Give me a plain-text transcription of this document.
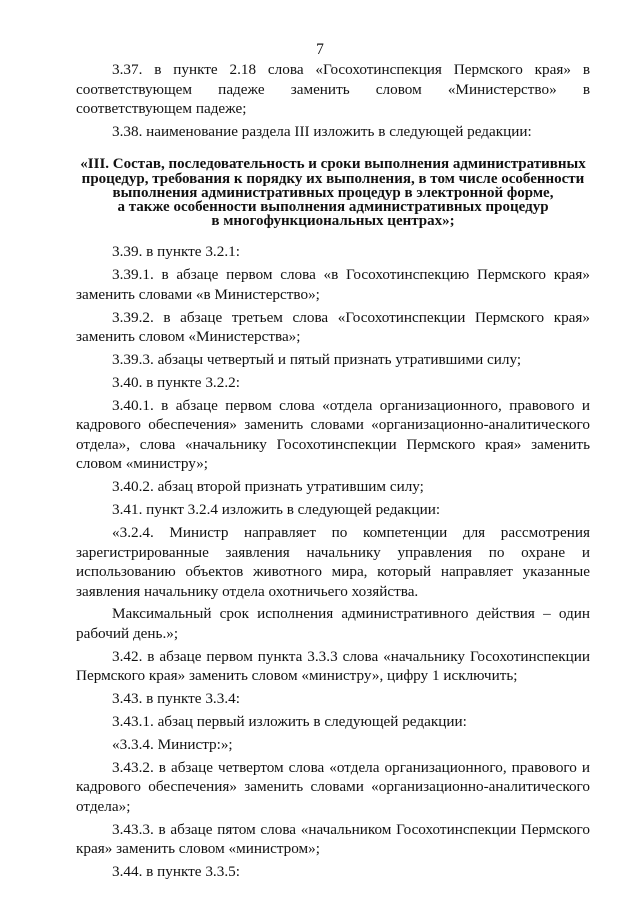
7

3.37. в пункте 2.18 слова «Госохотинспекция Пермского края» в соответствующем падеже заменить словом «Министерство» в соответствующем падеже;

3.38. наименование раздела III изложить в следующей редакции:

«III. Состав, последовательность и сроки выполнения административных
процедур, требования к порядку их выполнения, в том числе особенности
выполнения административных процедур в электронной форме,
а также особенности выполнения административных процедур
в многофункциональных центрах»;

3.39. в пункте 3.2.1:

3.39.1. в абзаце первом слова «в Госохотинспекцию Пермского края» заменить словами «в Министерство»;

3.39.2. в абзаце третьем слова «Госохотинспекции Пермского края» заменить словом «Министерства»;

3.39.3. абзацы четвертый и пятый признать утратившими силу;

3.40. в пункте 3.2.2:

3.40.1. в абзаце первом слова «отдела организационного, правового и кадрового обеспечения» заменить словами «организационно-аналитического отдела», слова «начальнику Госохотинспекции Пермского края» заменить словом «министру»;

3.40.2. абзац второй признать утратившим силу;

3.41. пункт 3.2.4 изложить в следующей редакции:

«3.2.4. Министр направляет по компетенции для рассмотрения зарегистрированные заявления начальнику управления по охране и использованию объектов животного мира, который направляет указанные заявления начальнику отдела охотничьего хозяйства.

Максимальный срок исполнения административного действия – один рабочий день.»;

3.42. в абзаце первом пункта 3.3.3 слова «начальнику Госохотинспекции Пермского края» заменить словом «министру», цифру 1 исключить;

3.43. в пункте 3.3.4:

3.43.1. абзац первый изложить в следующей редакции:

«3.3.4. Министр:»;

3.43.2. в абзаце четвертом слова «отдела организационного, правового и кадрового обеспечения» заменить словами «организационно-аналитического отдела»;

3.43.3. в абзаце пятом слова «начальником Госохотинспекции Пермского края» заменить словом «министром»;

3.44. в пункте 3.3.5:
